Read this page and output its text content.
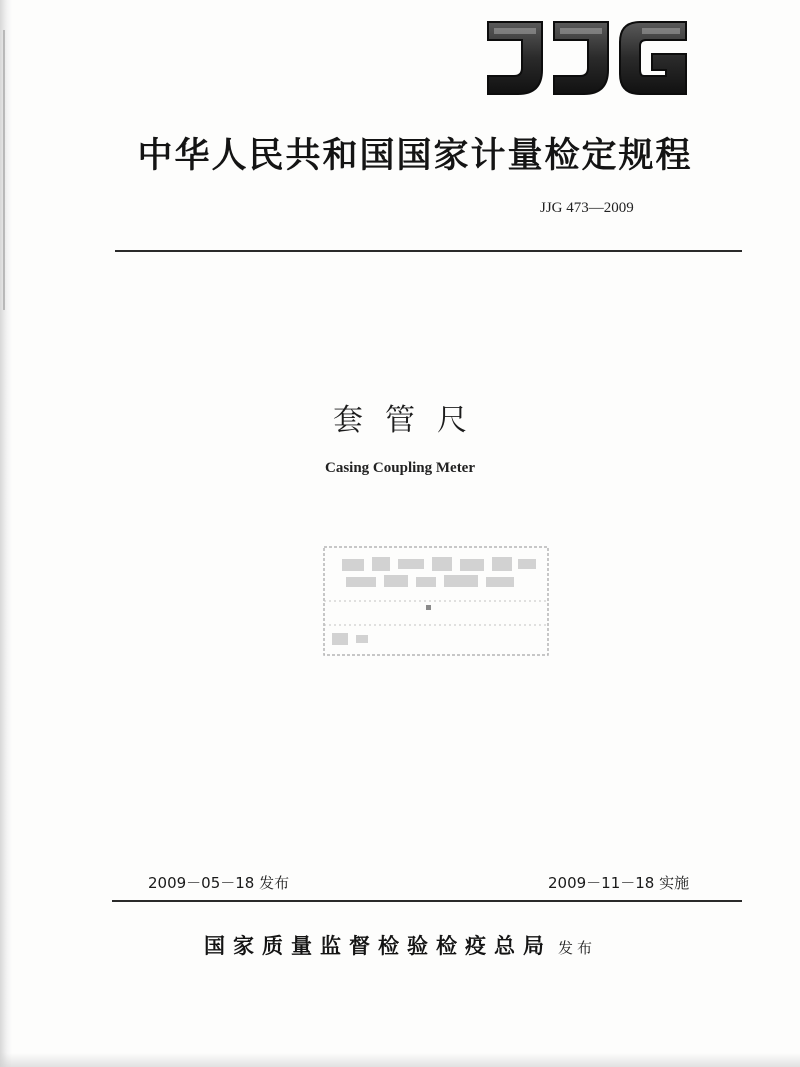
JJG
中华人民共和国国家计量检定规程
JJG 473—2009
套管尺
Casing Coupling Meter
2009－05－18 发布	2009－11－18 实施
国家质量监督检验检疫总局 发布
